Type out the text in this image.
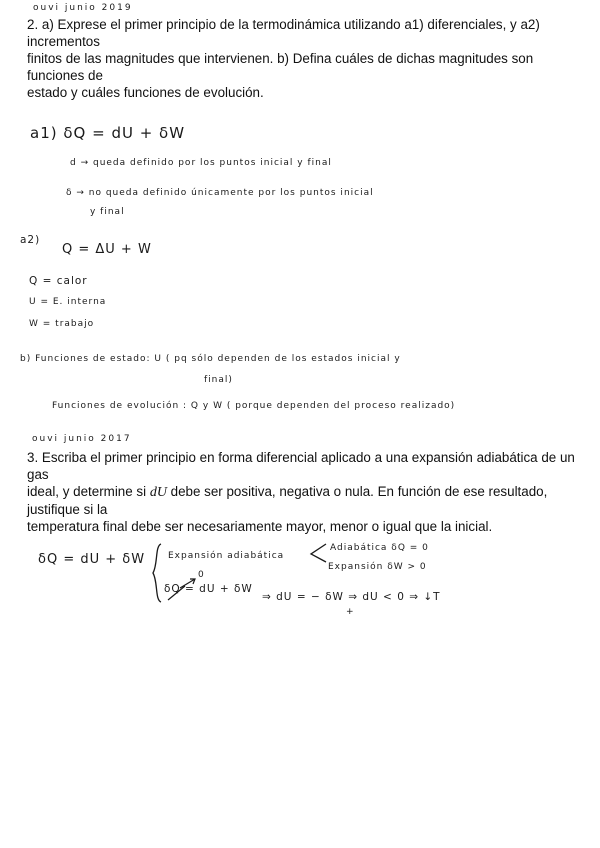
ouvi junio 2019

2. a) Exprese el primer principio de la termodinámica utilizando a1) diferenciales, y a2) incrementos

finitos de las magnitudes que intervienen. b) Defina cuáles de dichas magnitudes son funciones de

estado y cuáles funciones de evolución.

a1) δQ = dU + δW
d → queda definido por los puntos inicial y final
δ → no queda definido únicamente por los puntos inicial
y final
a2)
Q = ΔU + W
Q = calor
U = E. interna
W = trabajo
b) Funciones de estado: U ( pq sólo dependen de los estados inicial y
final)
Funciones de evolución : Q y W ( porque dependen del proceso realizado)
ouvi junio 2017

3. Escriba el primer principio en forma diferencial aplicado a una expansión adiabática de un gas

ideal, y determine si dU debe ser positiva, negativa o nula. En función de ese resultado, justifique si la

temperatura final debe ser necesariamente mayor, menor o igual que la inicial.

δQ = dU + δW	Expansión adiabática
Adiabática δQ = 0
Expansión δW > 0
0
δQ = dU + δW
⇒ dU = − δW ⇒ dU < 0 ⇒ ↓T
+
